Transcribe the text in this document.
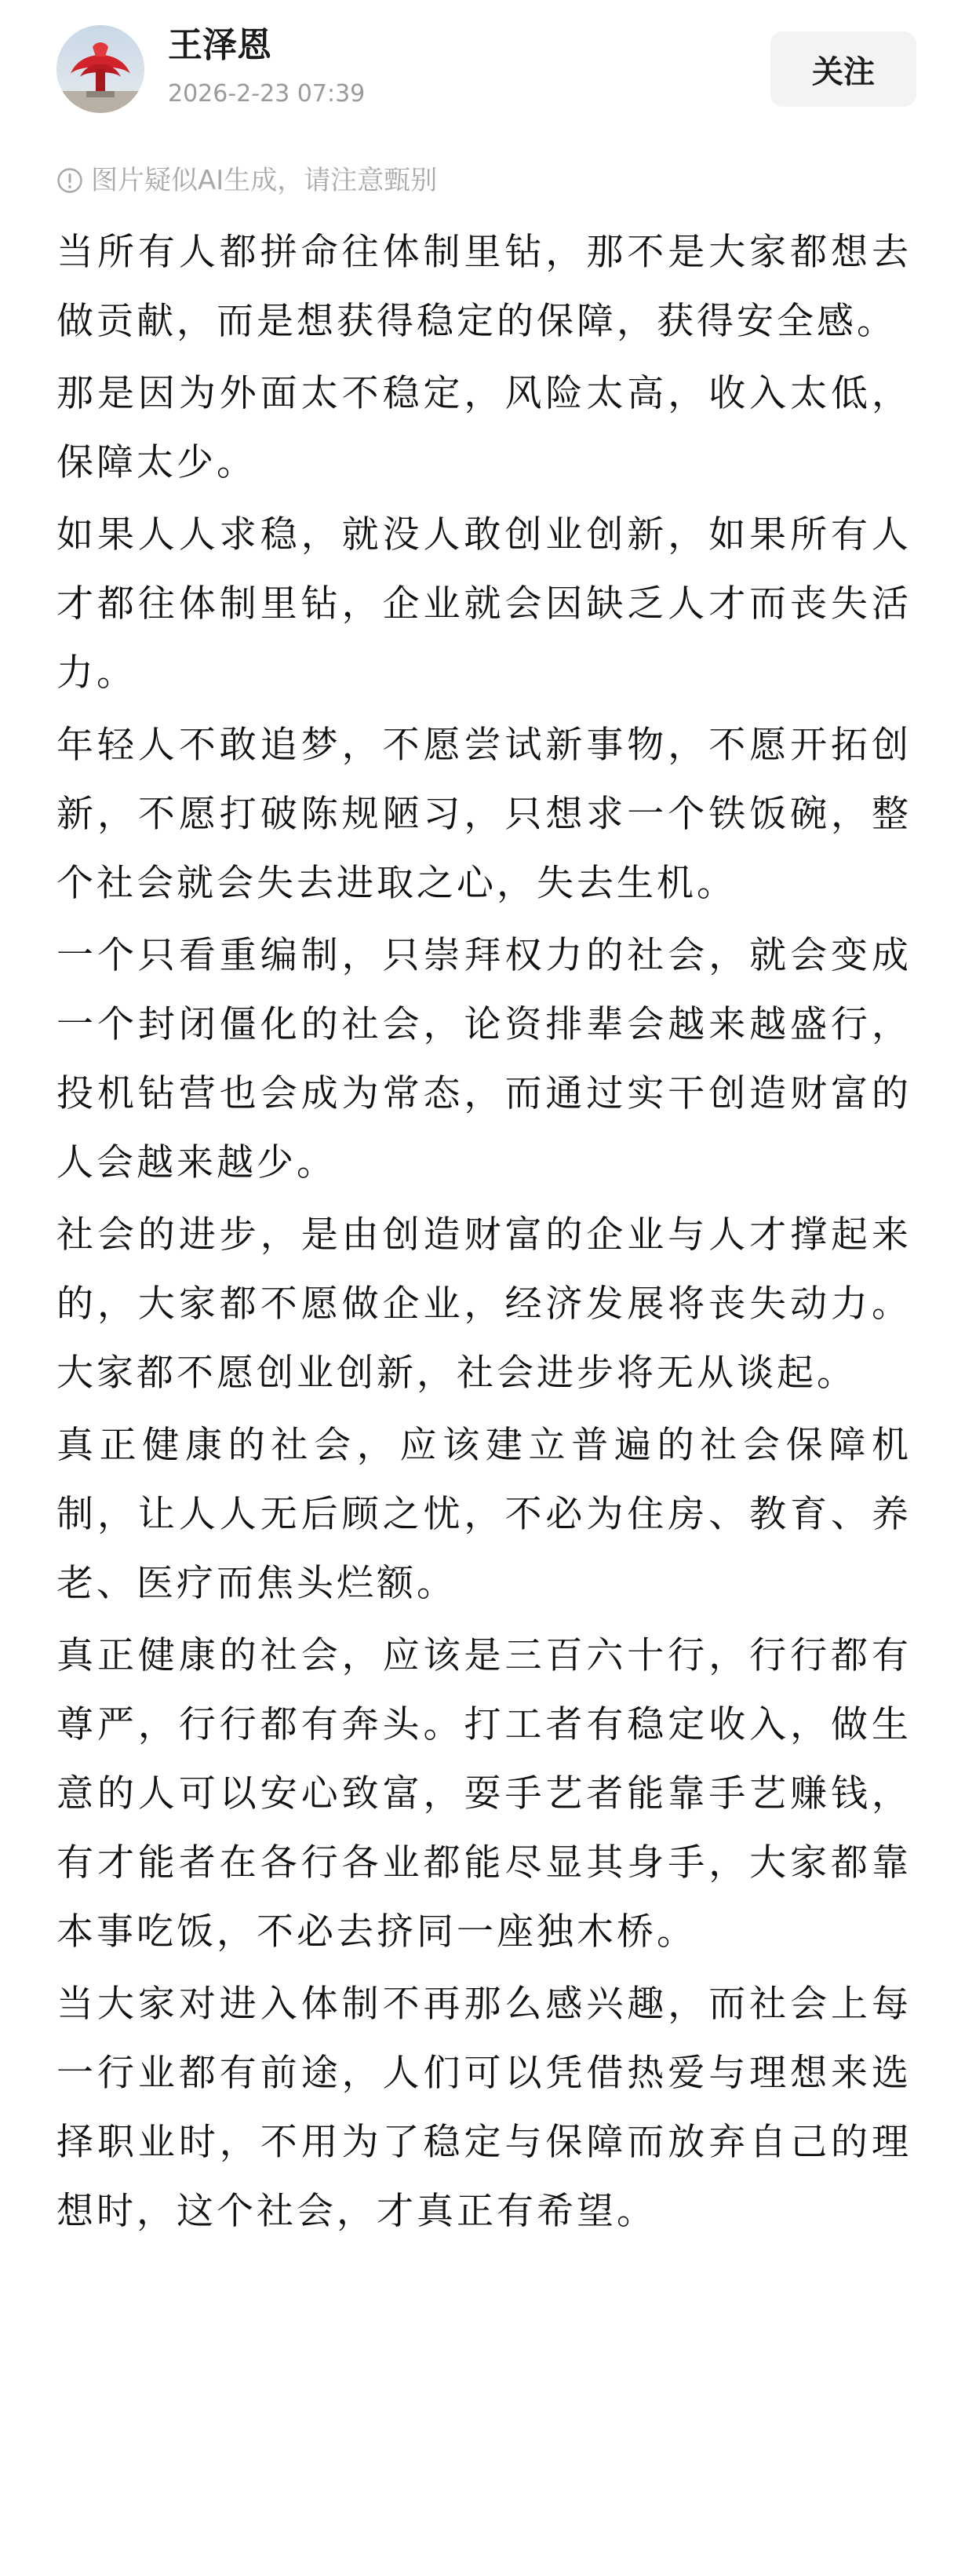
王泽恩
2026-2-23 07:39
关注
图片疑似AI生成，请注意甄别

当所有人都拼命往体制里钻，那不是大家都想去做贡献，而是想获得稳定的保障，获得安全感。

那是因为外面太不稳定，风险太高，收入太低，保障太少。

如果人人求稳，就没人敢创业创新，如果所有人才都往体制里钻，企业就会因缺乏人才而丧失活力。

年轻人不敢追梦，不愿尝试新事物，不愿开拓创新，不愿打破陈规陋习，只想求一个铁饭碗，整个社会就会失去进取之心，失去生机。

一个只看重编制，只崇拜权力的社会，就会变成一个封闭僵化的社会，论资排辈会越来越盛行，投机钻营也会成为常态，而通过实干创造财富的人会越来越少。

社会的进步，是由创造财富的企业与人才撑起来的，大家都不愿做企业，经济发展将丧失动力。大家都不愿创业创新，社会进步将无从谈起。

真正健康的社会，应该建立普遍的社会保障机制，让人人无后顾之忧，不必为住房、教育、养老、医疗而焦头烂额。

真正健康的社会，应该是三百六十行，行行都有尊严，行行都有奔头。打工者有稳定收入，做生意的人可以安心致富，耍手艺者能靠手艺赚钱，有才能者在各行各业都能尽显其身手，大家都靠本事吃饭，不必去挤同一座独木桥。

当大家对进入体制不再那么感兴趣，而社会上每一行业都有前途，人们可以凭借热爱与理想来选择职业时，不用为了稳定与保障而放弃自己的理想时，这个社会，才真正有希望。
